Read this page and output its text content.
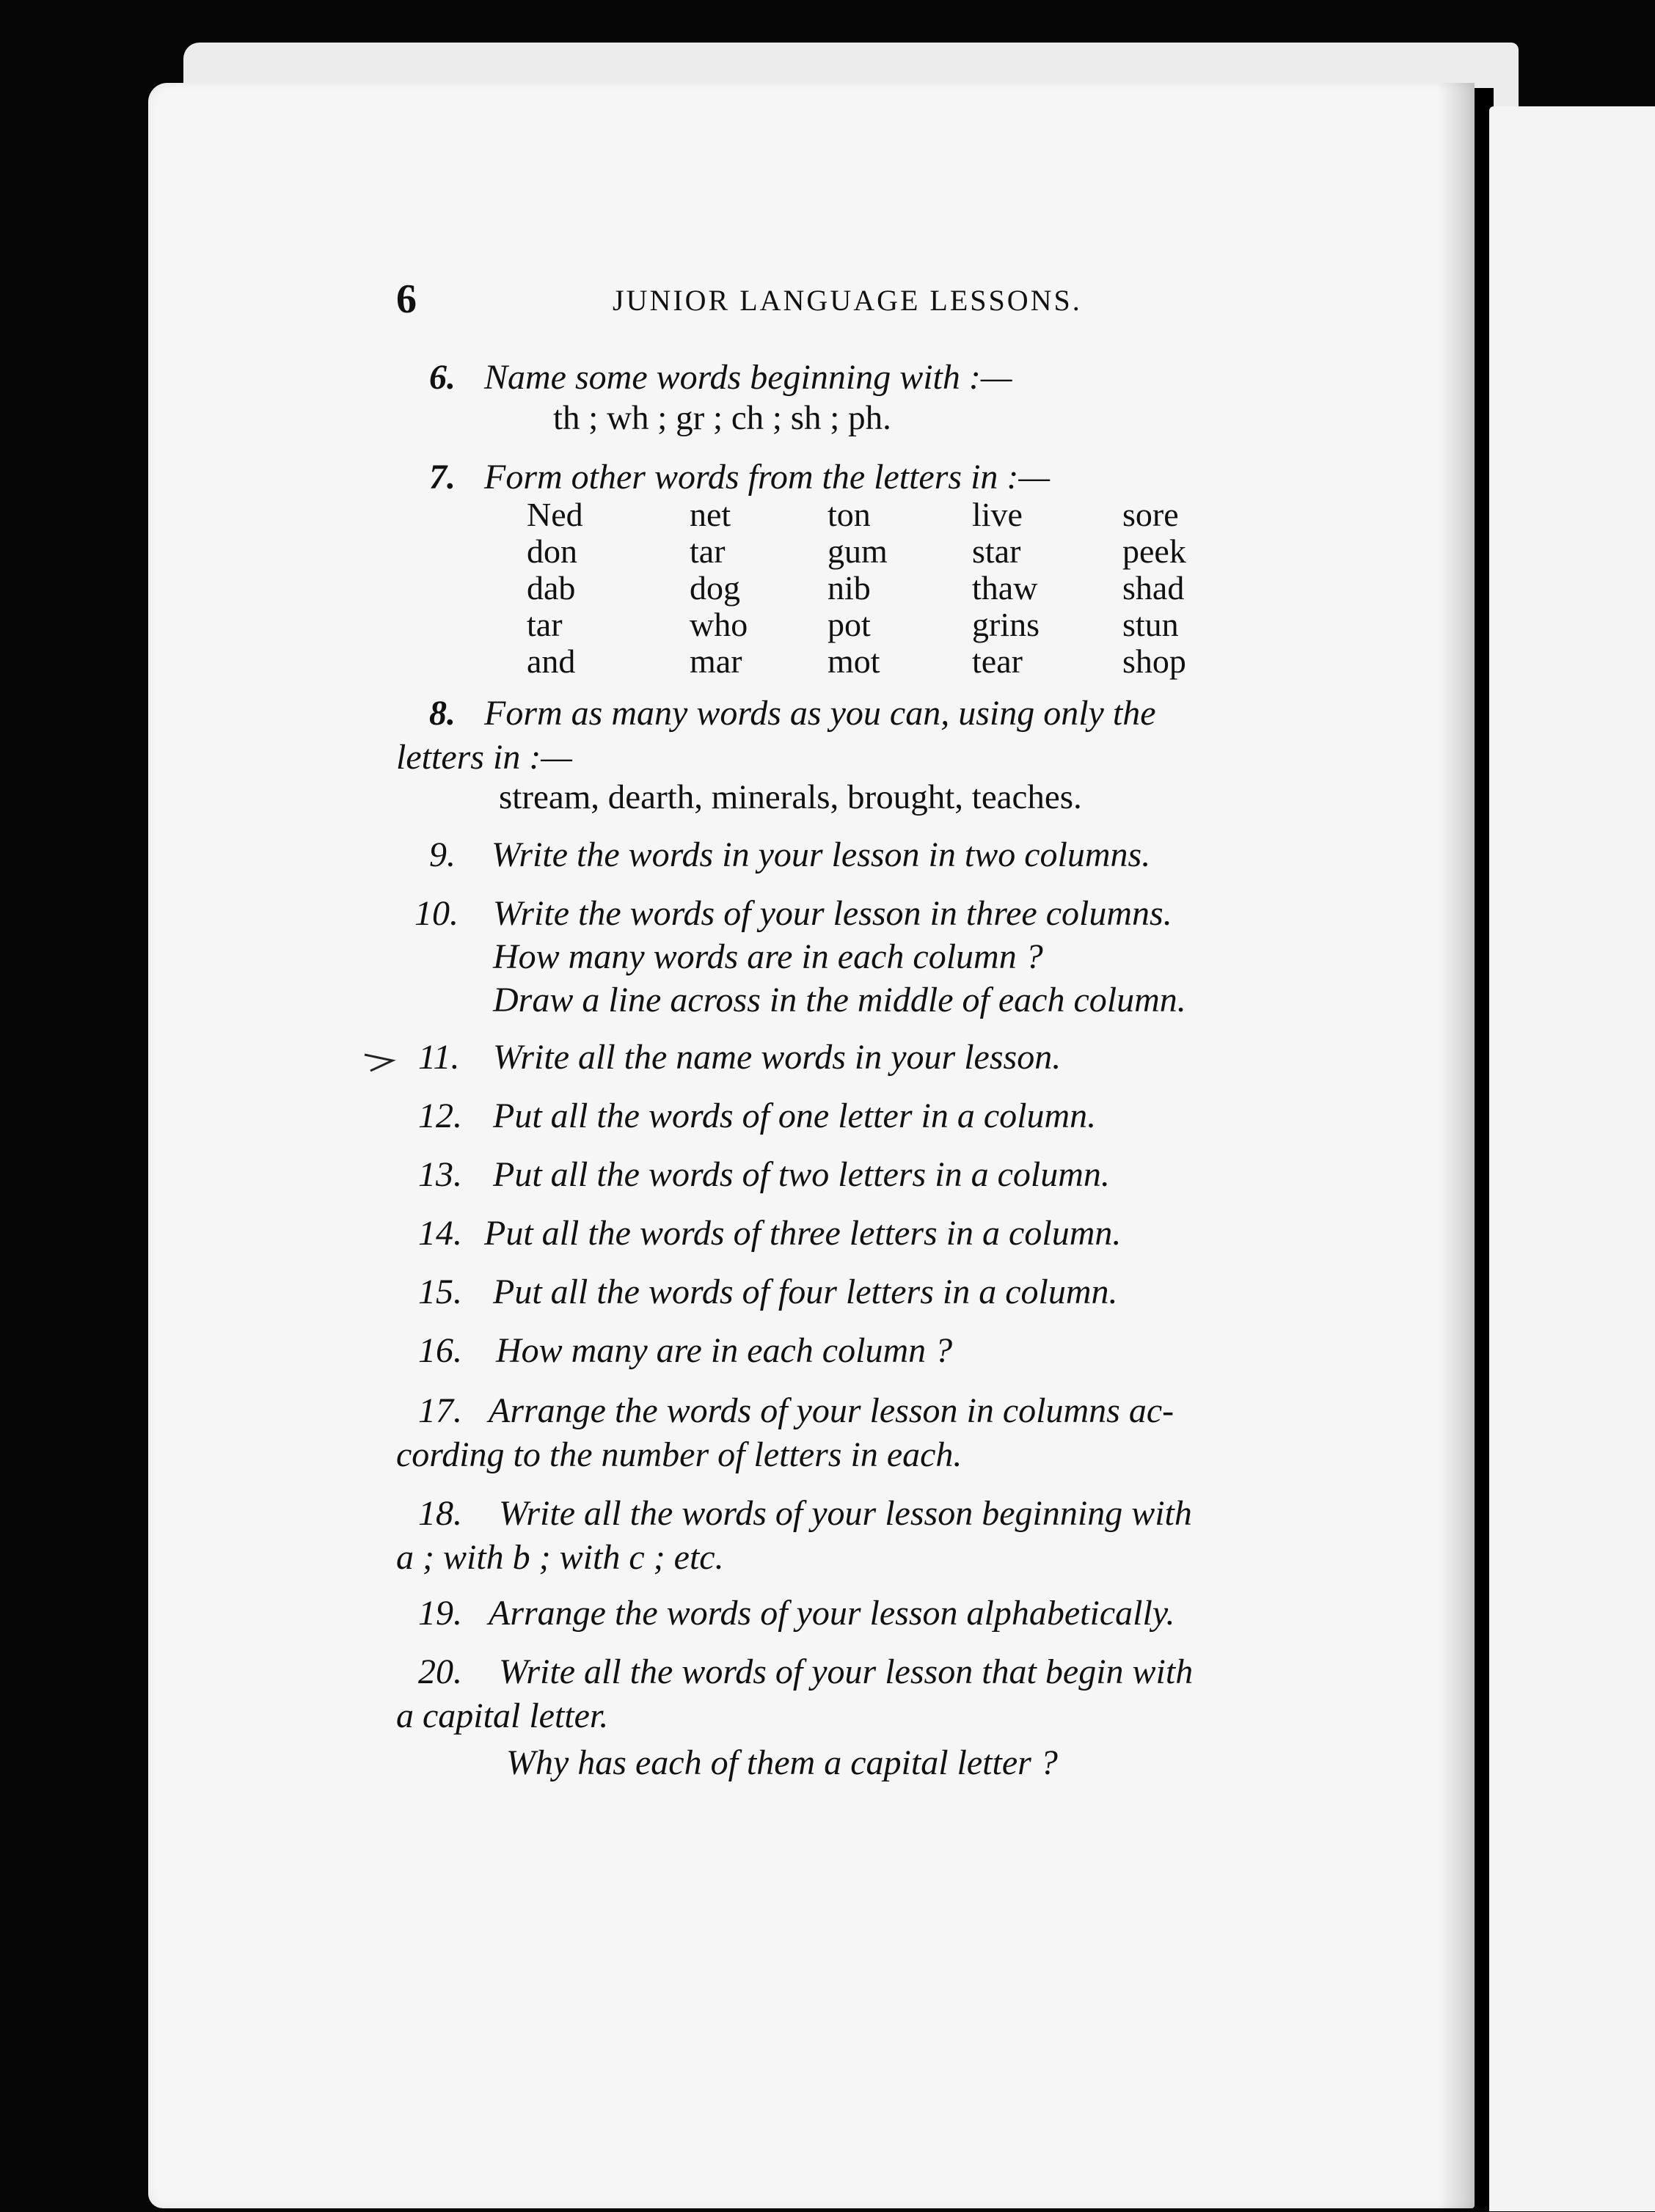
6	JUNIOR LANGUAGE LESSONS.
6. Name some words beginning with :—
th ; wh ; gr ; ch ; sh ; ph.
7. Form other words from the letters in :—
Ned
don
dab
tar
and
net
tar
dog
who
mar
ton
gum
nib
pot
mot
live
star
thaw
grins
tear
sore
peek
shad
stun
shop
8. Form as many words as you can, using only the
letters in :—
stream, dearth, minerals, brought, teaches.
9. Write the words in your lesson in two columns.
10. Write the words of your lesson in three columns.
How many words are in each column ?
Draw a line across in the middle of each column.
11. Write all the name words in your lesson.
12. Put all the words of one letter in a column.
13. Put all the words of two letters in a column.
14. Put all the words of three letters in a column.
15. Put all the words of four letters in a column.
16. How many are in each column ?
17. Arrange the words of your lesson in columns ac-
cording to the number of letters in each.
18. Write all the words of your lesson beginning with
a ; with b ; with c ; etc.
19. Arrange the words of your lesson alphabetically.
20. Write all the words of your lesson that begin with
a capital letter.
Why has each of them a capital letter ?
